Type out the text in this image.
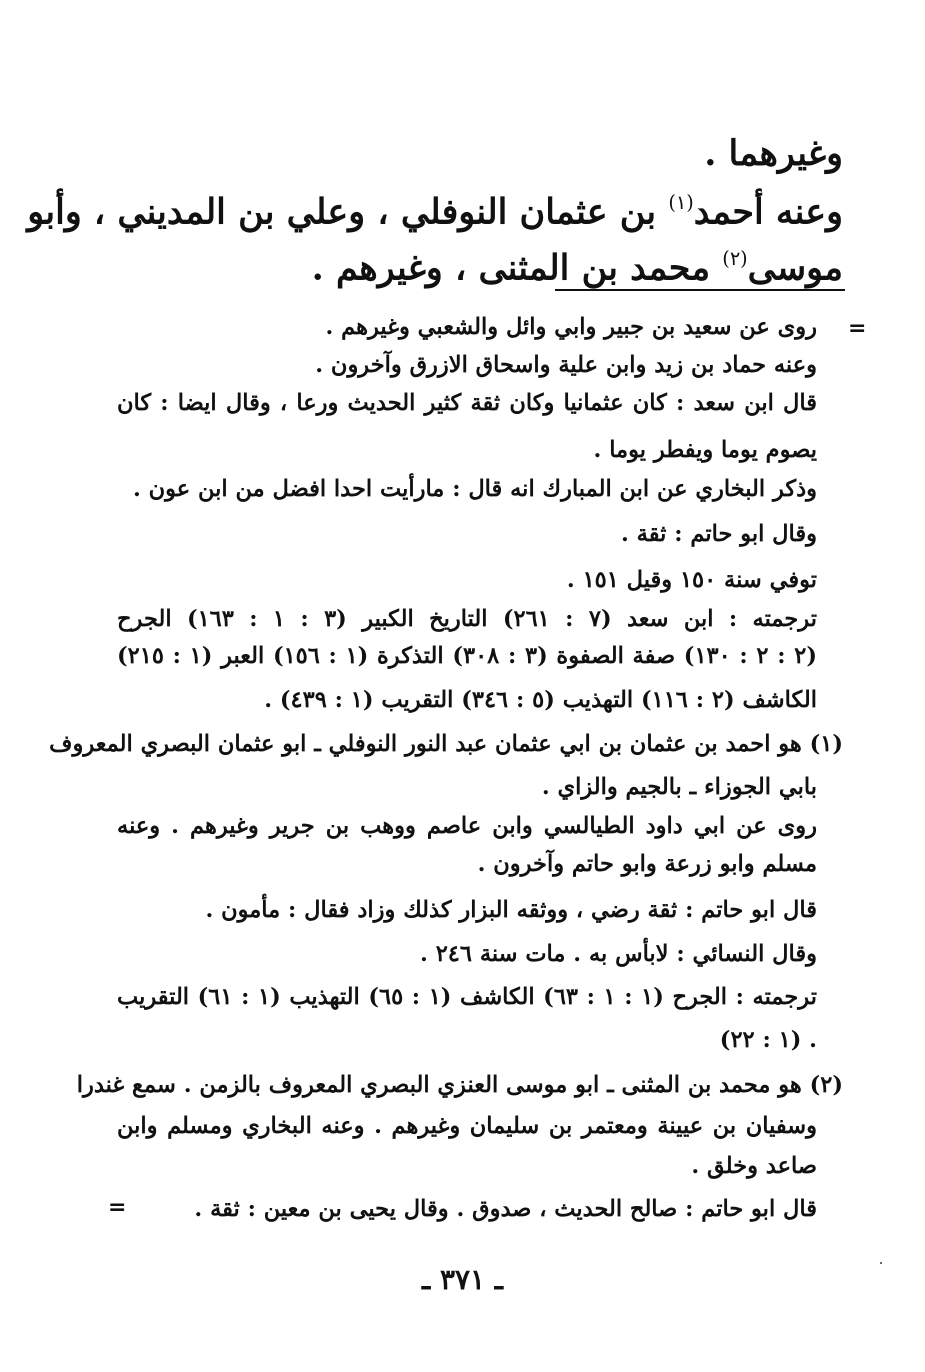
وغيرهما .
وعنه أحمد$^{(١)}$ بن عثمان النوفلي ، وعلي بن المديني ، وأبو
موسى$^{(٢)}$ محمد بن المثنى ، وغيرهم .
=
روى عن سعيد بن جبير وابي وائل والشعبي وغيرهم .
وعنه حماد بن زيد وابن علية واسحاق الازرق وآخرون .
قال ابن سعد : كان عثمانيا وكان ثقة كثير الحديث ورعا ، وقال ايضا : كان
يصوم يوما ويفطر يوما .
وذكر البخاري عن ابن المبارك انه قال : مارأيت احدا افضل من ابن عون .
وقال ابو حاتم : ثقة .
توفي سنة ١٥٠ وقيل ١٥١ .
ترجمته : ابن سعد (٧ : ٢٦١) التاريخ الكبير (٣ : ١ : ١٦٣) الجرح
(٢ : ٢ : ١٣٠) صفة الصفوة (٣ : ٣٠٨) التذكرة (١ : ١٥٦) العبر (١ : ٢١٥)
الكاشف (٢ : ١١٦) التهذيب (٥ : ٣٤٦) التقريب (١ : ٤٣٩) .
(١) هو احمد بن عثمان بن ابي عثمان عبد النور النوفلي ـ ابو عثمان البصري المعروف
بابي الجوزاء ـ بالجيم والزاي .
روى عن ابي داود الطيالسي وابن عاصم ووهب بن جرير وغيرهم . وعنه
مسلم وابو زرعة وابو حاتم وآخرون .
قال ابو حاتم : ثقة رضي ، ووثقه البزار كذلك وزاد فقال : مأمون .
وقال النسائي : لابأس به . مات سنة ٢٤٦ .
ترجمته : الجرح (١ : ١ : ٦٣) الكاشف (١ : ٦٥) التهذيب (١ : ٦١) التقريب
(١ : ٢٢) .
(٢) هو محمد بن المثنى ـ ابو موسى العنزي البصري المعروف بالزمن . سمع غندرا
وسفيان بن عيينة ومعتمر بن سليمان وغيرهم . وعنه البخاري ومسلم وابن
صاعد وخلق .
قال ابو حاتم : صالح الحديث ، صدوق . وقال يحيى بن معين : ثقة .
=
ـ ٣٧١ ـ
